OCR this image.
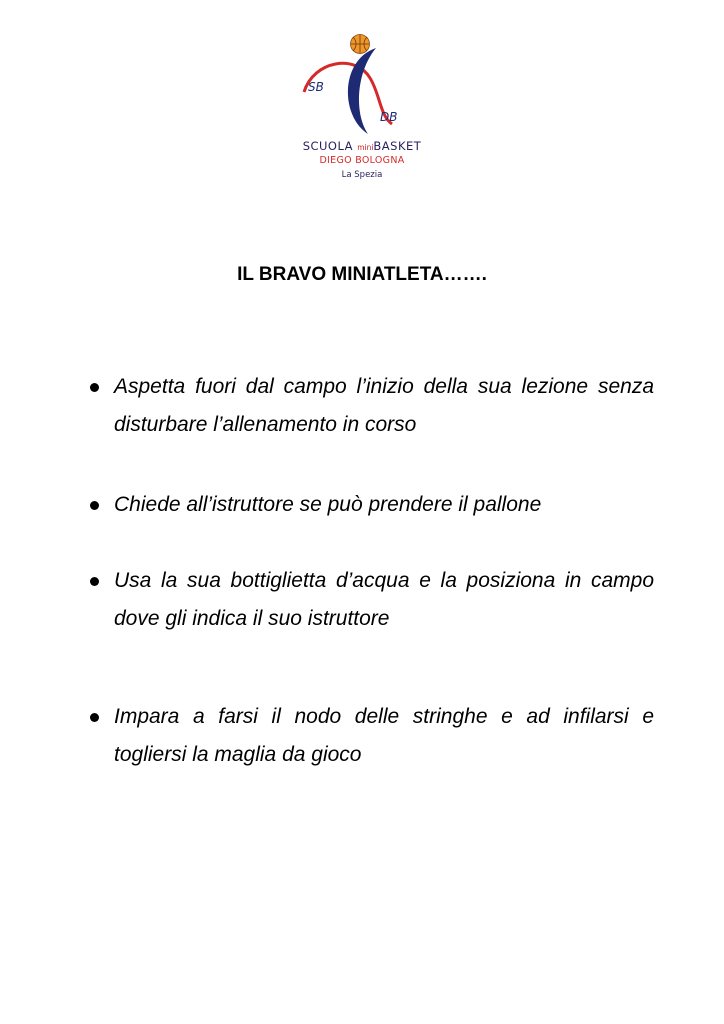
SB
DB
SCUOLA miniBASKET
DIEGO BOLOGNA
La Spezia
IL BRAVO MINIATLETA…….
Aspetta fuori dal campo l’inizio della sua lezione senza disturbare l’allenamento in corso
Chiede all’istruttore se può prendere il pallone
Usa la sua bottiglietta d’acqua e la posiziona in campo dove gli indica il suo istruttore
Impara a farsi il nodo delle stringhe e ad infilarsi e togliersi la maglia da gioco
